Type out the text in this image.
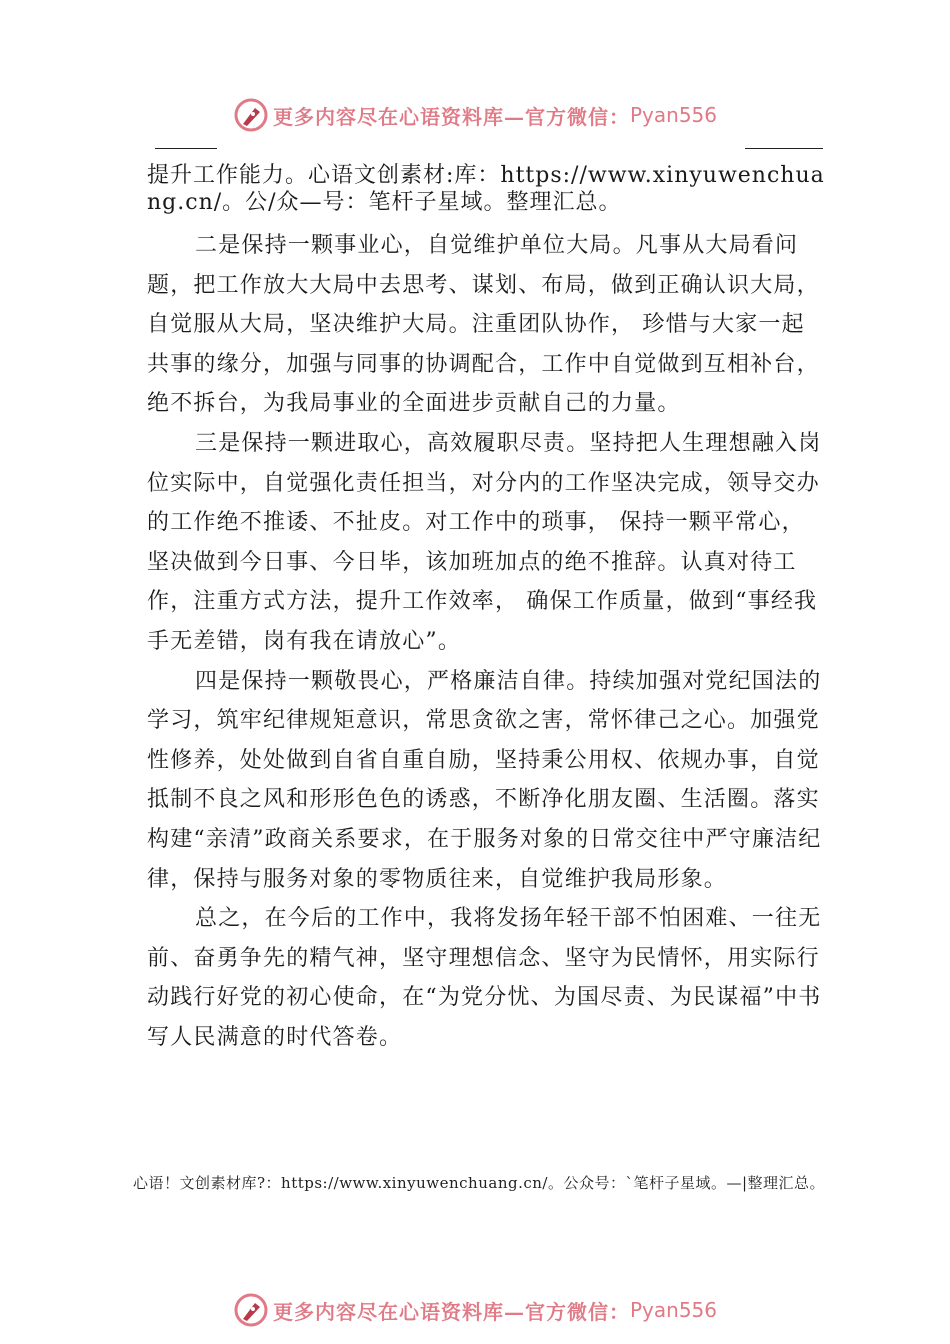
更多内容尽在心语资料库—官方微信： Pyan556

提升工作能力。心语文创素材:库：https://www.xinyuwenchuang.cn/。公/众—号：笔杆子星域。整理汇总。

二是保持一颗事业心，自觉维护单位大局。凡事从大局看问题，把工作放大大局中去思考、谋划、布局，做到正确认识大局，自觉服从大局，坚决维护大局。注重团队协作， 珍惜与大家一起共事的缘分，加强与同事的协调配合，工作中自觉做到互相补台，绝不拆台，为我局事业的全面进步贡献自己的力量。

三是保持一颗进取心，高效履职尽责。坚持把人生理想融入岗位实际中，自觉强化责任担当，对分内的工作坚决完成，领导交办的工作绝不推诿、不扯皮。对工作中的琐事， 保持一颗平常心，坚决做到今日事、今日毕，该加班加点的绝不推辞。认真对待工作，注重方式方法，提升工作效率， 确保工作质量，做到“事经我手无差错，岗有我在请放心”。

四是保持一颗敬畏心，严格廉洁自律。持续加强对党纪国法的学习，筑牢纪律规矩意识，常思贪欲之害，常怀律己之心。加强党性修养，处处做到自省自重自励，坚持秉公用权、依规办事，自觉抵制不良之风和形形色色的诱惑，不断净化朋友圈、生活圈。落实构建“亲清”政商关系要求，在于服务对象的日常交往中严守廉洁纪律，保持与服务对象的零物质往来，自觉维护我局形象。

总之，在今后的工作中，我将发扬年轻干部不怕困难、一往无前、奋勇争先的精气神，坚守理想信念、坚守为民情怀，用实际行动践行好党的初心使命，在“为党分忧、为国尽责、为民谋福”中书写人民满意的时代答卷。

心语！文创素材库?：https://www.xinyuwenchuang.cn/。公众号：`笔杆子星域。—|整理汇总。
更多内容尽在心语资料库—官方微信： Pyan556
